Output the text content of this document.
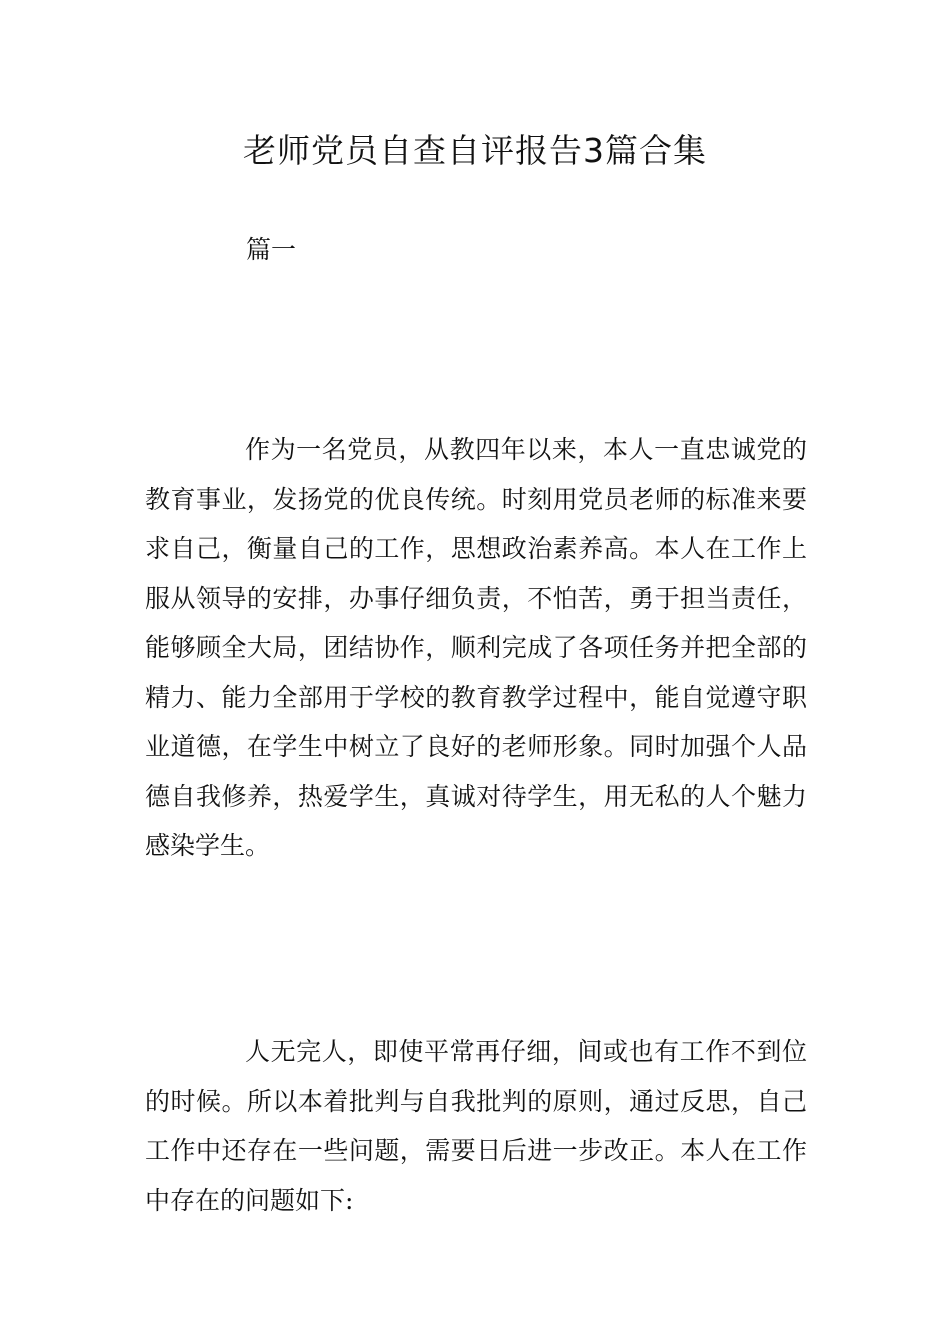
老师党员自查自评报告3篇合集

篇一

作为一名党员，从教四年以来，本人一直忠诚党的教育事业，发扬党的优良传统。时刻用党员老师的标准来要求自己，衡量自己的工作，思想政治素养高。本人在工作上服从领导的安排，办事仔细负责，不怕苦，勇于担当责任，能够顾全大局，团结协作，顺利完成了各项任务并把全部的精力、能力全部用于学校的教育教学过程中，能自觉遵守职业道德，在学生中树立了良好的老师形象。同时加强个人品德自我修养，热爱学生，真诚对待学生，用无私的人个魅力感染学生。

人无完人，即使平常再仔细，间或也有工作不到位的时候。所以本着批判与自我批判的原则，通过反思，自己工作中还存在一些问题，需要日后进一步改正。本人在工作中存在的问题如下:
